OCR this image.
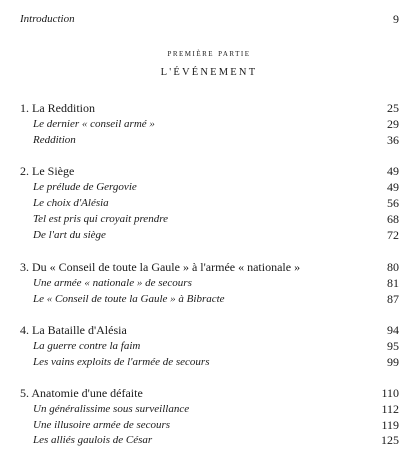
Introduction	9
première partie
L'ÉVÉNEMENT
1. La Reddition	25
Le dernier « conseil armé »	29
Reddition	36
2. Le Siège	49
Le prélude de Gergovie	49
Le choix d'Alésia	56
Tel est pris qui croyait prendre	68
De l'art du siège	72
3. Du « Conseil de toute la Gaule » à l'armée « nationale »	80
Une armée « nationale » de secours	81
Le « Conseil de toute la Gaule » à Bibracte	87
4. La Bataille d'Alésia	94
La guerre contre la faim	95
Les vains exploits de l'armée de secours	99
5. Anatomie d'une défaite	110
Un généralissime sous surveillance	112
Une illusoire armée de secours	119
Les alliés gaulois de César	125
